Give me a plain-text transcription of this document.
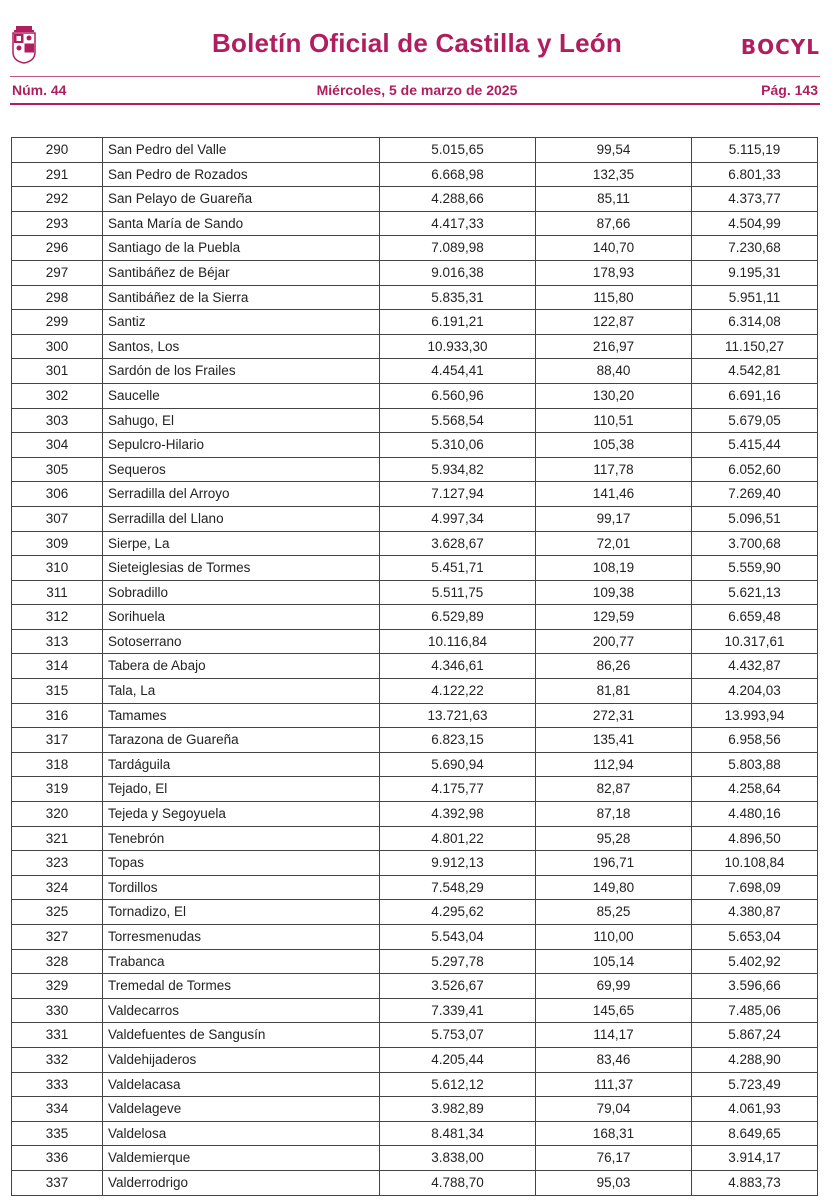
Boletín Oficial de Castilla y León	BOCYL
Núm. 44	Miércoles, 5 de marzo de 2025	Pág. 143
290	San Pedro del Valle	5.015,65	99,54	5.115,19
291	San Pedro de Rozados	6.668,98	132,35	6.801,33
292	San Pelayo de Guareña	4.288,66	85,11	4.373,77
293	Santa María de Sando	4.417,33	87,66	4.504,99
296	Santiago de la Puebla	7.089,98	140,70	7.230,68
297	Santibáñez de Béjar	9.016,38	178,93	9.195,31
298	Santibáñez de la Sierra	5.835,31	115,80	5.951,11
299	Santiz	6.191,21	122,87	6.314,08
300	Santos, Los	10.933,30	216,97	11.150,27
301	Sardón de los Frailes	4.454,41	88,40	4.542,81
302	Saucelle	6.560,96	130,20	6.691,16
303	Sahugo, El	5.568,54	110,51	5.679,05
304	Sepulcro-Hilario	5.310,06	105,38	5.415,44
305	Sequeros	5.934,82	117,78	6.052,60
306	Serradilla del Arroyo	7.127,94	141,46	7.269,40
307	Serradilla del Llano	4.997,34	99,17	5.096,51
309	Sierpe, La	3.628,67	72,01	3.700,68
310	Sieteiglesias de Tormes	5.451,71	108,19	5.559,90
311	Sobradillo	5.511,75	109,38	5.621,13
312	Sorihuela	6.529,89	129,59	6.659,48
313	Sotoserrano	10.116,84	200,77	10.317,61
314	Tabera de Abajo	4.346,61	86,26	4.432,87
315	Tala, La	4.122,22	81,81	4.204,03
316	Tamames	13.721,63	272,31	13.993,94
317	Tarazona de Guareña	6.823,15	135,41	6.958,56
318	Tardáguila	5.690,94	112,94	5.803,88
319	Tejado, El	4.175,77	82,87	4.258,64
320	Tejeda y Segoyuela	4.392,98	87,18	4.480,16
321	Tenebrón	4.801,22	95,28	4.896,50
323	Topas	9.912,13	196,71	10.108,84
324	Tordillos	7.548,29	149,80	7.698,09
325	Tornadizo, El	4.295,62	85,25	4.380,87
327	Torresmenudas	5.543,04	110,00	5.653,04
328	Trabanca	5.297,78	105,14	5.402,92
329	Tremedal de Tormes	3.526,67	69,99	3.596,66
330	Valdecarros	7.339,41	145,65	7.485,06
331	Valdefuentes de Sangusín	5.753,07	114,17	5.867,24
332	Valdehijaderos	4.205,44	83,46	4.288,90
333	Valdelacasa	5.612,12	111,37	5.723,49
334	Valdelageve	3.982,89	79,04	4.061,93
335	Valdelosa	8.481,34	168,31	8.649,65
336	Valdemierque	3.838,00	76,17	3.914,17
337	Valderrodrigo	4.788,70	95,03	4.883,73
